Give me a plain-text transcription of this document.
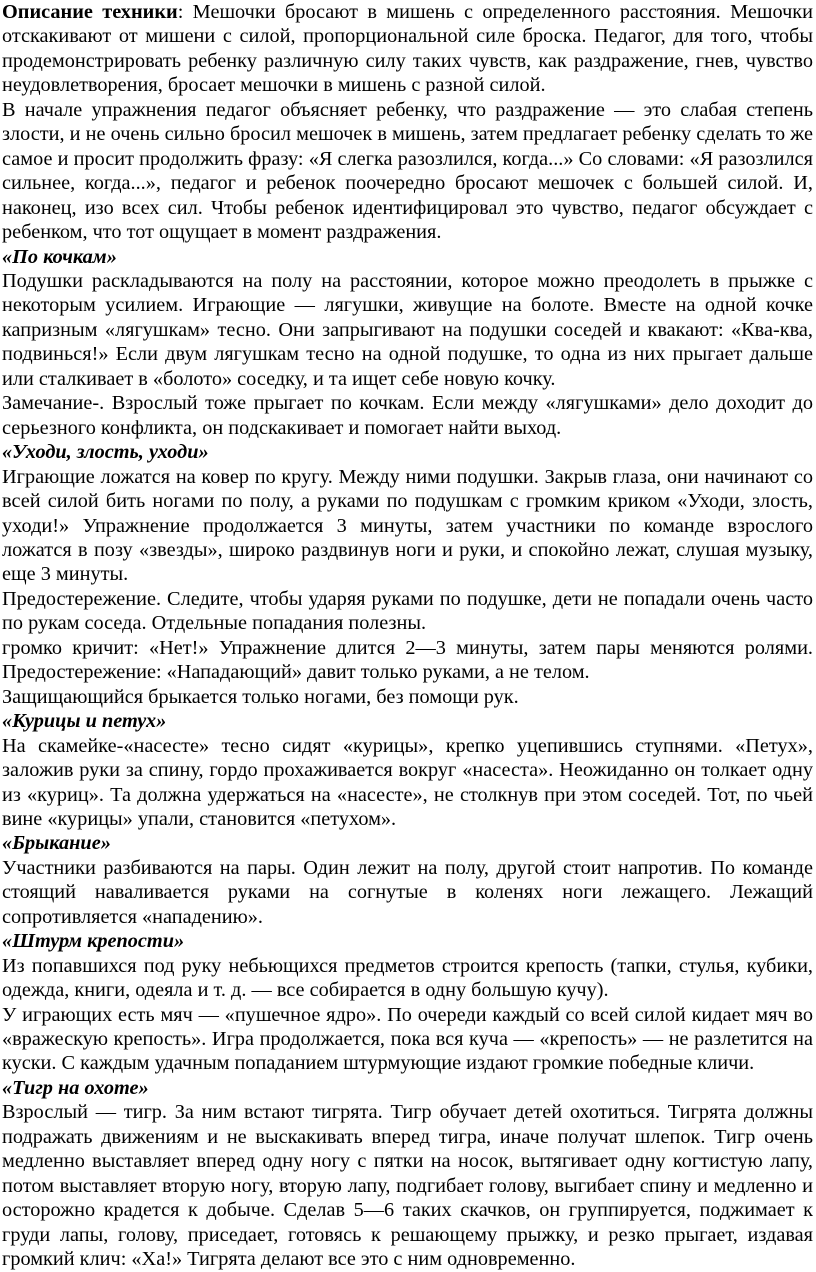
Описание техники: Мешочки бросают в мишень с определенного расстояния. Мешочки отскакивают от мишени с силой, пропорциональной силе броска. Педагог, для того, чтобы продемонстрировать ребенку различную силу таких чувств, как раздражение, гнев, чувство неудовлетворения, бросает мешочки в мишень с разной силой.

В начале упражнения педагог объясняет ребенку, что раздражение — это слабая степень злости, и не очень сильно бросил мешочек в мишень, затем предлагает ребенку сделать то же самое и просит продолжить фразу: «Я слегка разозлился, когда...» Со словами: «Я разозлился сильнее, когда...», педагог и ребенок поочередно бросают мешочек с большей силой. И, наконец, изо всех сил. Чтобы ребенок идентифицировал это чувство, педагог обсуждает с ребенком, что тот ощущает в момент раздражения.

«По кочкам»

Подушки раскладываются на полу на расстоянии, которое можно преодолеть в прыжке с некоторым усилием. Играющие — лягушки, живущие на болоте. Вместе на одной кочке капризным «лягушкам» тесно. Они запрыгивают на подушки соседей и квакают: «Ква-ква, подвинься!» Если двум лягушкам тесно на одной подушке, то одна из них прыгает дальше или сталкивает в «болото» соседку, и та ищет себе новую кочку.

Замечание-. Взрослый тоже прыгает по кочкам. Если между «лягушками» дело доходит до серьезного конфликта, он подскакивает и помогает найти выход.

«Уходи, злость, уходи»

Играющие ложатся на ковер по кругу. Между ними подушки. Закрыв глаза, они начинают со всей силой бить ногами по полу, а руками по подушкам с громким криком «Уходи, злость, уходи!» Упражнение продолжается 3 минуты, затем участники по команде взрослого ложатся в позу «звезды», широко раздвинув ноги и руки, и спокойно лежат, слушая музыку, еще 3 минуты.

Предостережение. Следите, чтобы ударяя руками по подушке, дети не попадали очень часто по рукам соседа. Отдельные попадания полезны.

громко кричит: «Нет!» Упражнение длится 2—3 минуты, затем пары меняются ролями. Предостережение: «Нападающий» давит только руками, а не телом.

Защищающийся брыкается только ногами, без помощи рук.

«Курицы и петух»

На скамейке-«насесте» тесно сидят «курицы», крепко уцепившись ступнями. «Петух», заложив руки за спину, гордо прохаживается вокруг «насеста». Неожиданно он толкает одну из «куриц». Та должна удержаться на «насесте», не столкнув при этом соседей. Тот, по чьей вине «курицы» упали, становится «петухом».

«Брыкание»

Участники разбиваются на пары. Один лежит на полу, другой стоит напротив. По команде стоящий наваливается руками на согнутые в коленях ноги лежащего. Лежащий сопротивляется «нападению».

«Штурм крепости»

Из попавшихся под руку небьющихся предметов строится крепость (тапки, стулья, кубики, одежда, книги, одеяла и т. д. — все собирается в одну большую кучу).

У играющих есть мяч — «пушечное ядро». По очереди каждый со всей силой кидает мяч во «вражескую крепость». Игра продолжается, пока вся куча — «крепость» — не разлетится на куски. С каждым удачным попаданием штурмующие издают громкие победные кличи.

«Тигр на охоте»

Взрослый — тигр. За ним встают тигрята. Тигр обучает детей охотиться. Тигрята должны подражать движениям и не выскакивать вперед тигра, иначе получат шлепок. Тигр очень медленно выставляет вперед одну ногу с пятки на носок, вытягивает одну когтистую лапу, потом выставляет вторую ногу, вторую лапу, подгибает голову, выгибает спину и медленно и осторожно крадется к добыче. Сделав 5—6 таких скачков, он группируется, поджимает к груди лапы, голову, приседает, готовясь к решающему прыжку, и резко прыгает, издавая громкий клич: «Ха!» Тигрята делают все это с ним одновременно.
